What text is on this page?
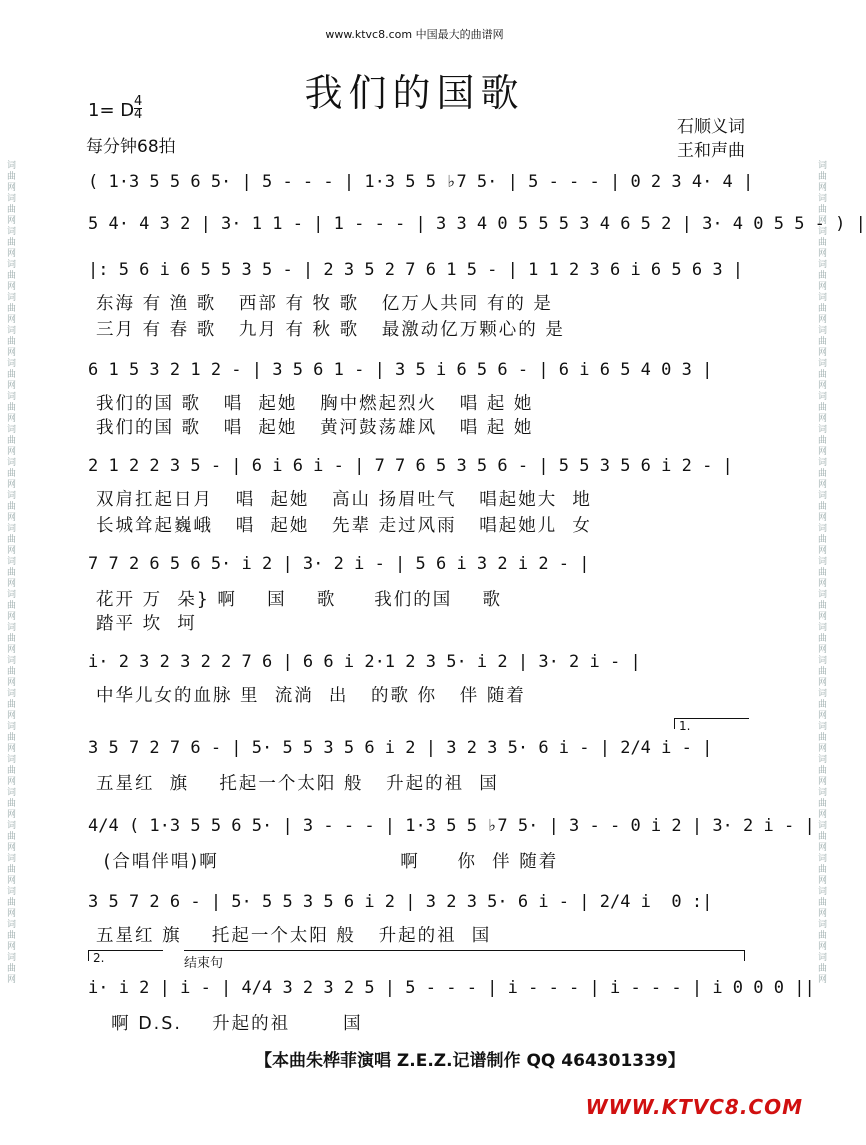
词曲网词曲网词曲网词曲网词曲网词曲网词曲网词曲网词曲网词曲网词曲网词曲网词曲网词曲网词曲网词曲网词曲网词曲网词曲网词曲网词曲网词曲网词曲网词曲网词曲网	词曲网词曲网词曲网词曲网词曲网词曲网词曲网词曲网词曲网词曲网词曲网词曲网词曲网词曲网词曲网词曲网词曲网词曲网词曲网词曲网词曲网词曲网词曲网词曲网词曲网
www.ktvc8.com 中国最大的曲谱网
我们的国歌
1= D $\frac{4}{4}$
每分钟68拍
石顺义词
王和声曲
( 1·3 5 5 6 5· | 5 - - - | 1·3 5 5 ♭7 5· | 5 - - - | 0 2 3 4· 4 |
5 4· 4 3 2 | 3· 1 1 - | 1 - - - | 3 3 4 0 5 5 5 3 4 6 5 2 | 3· 4 0 5 5 - ) |
|: 5 6 i 6 5 5 3 5 - | 2 3 5 2 7 6 1 5 - | 1 1 2 3 6 i 6 5 6 3 |
东海 有 渔 歌   西部 有 牧 歌   亿万人共同 有的 是
三月 有 春 歌   九月 有 秋 歌   最激动亿万颗心的 是
6 1 5 3 2 1 2 - | 3 5 6 1 - | 3 5 i 6 5 6 - | 6 i 6 5 4 0 3 |
我们的国 歌   唱  起她   胸中燃起烈火   唱 起 她
我们的国 歌   唱  起她   黄河鼓荡雄风   唱 起 她
2 1 2 2 3 5 - | 6 i 6 i - | 7 7 6 5 3 5 6 - | 5 5 3 5 6 i 2 - |
双肩扛起日月   唱  起她   高山 扬眉吐气   唱起她大  地
长城耸起巍峨   唱  起她   先辈 走过风雨   唱起她儿  女
7 7 2 6 5 6 5· i 2 | 3· 2 i - | 5 6 i 3 2 i 2 - |
花开 万  朵} 啊    国    歌     我们的国    歌
踏平 坎  坷
i· 2 3 2 3 2 2 7 6 | 6 6 i 2·1 2 3 5· i 2 | 3· 2 i - |
中华儿女的血脉 里  流淌  出   的歌 你   伴 随着
1.
3 5 7 2 7 6 - | 5· 5 5 3 5 6 i 2 | 3 2 3 5· 6 i - | 2/4 i - |
五星红  旗    托起一个太阳 般   升起的祖  国
4/4 ( 1·3 5 5 6 5· | 3 - - - | 1·3 5 5 ♭7 5· | 3 - - 0 i 2 | 3· 2 i - |
(合唱伴唱)啊                        啊     你  伴 随着
3 5 7 2 6 - | 5· 5 5 3 5 6 i 2 | 3 2 3 5· 6 i - | 2/4 i  0 :|
五星红 旗    托起一个太阳 般   升起的祖  国
2.	结束句
i· i 2 | i - | 4/4 3 2 3 2 5 | 5 - - - | i - - - | i - - - | i 0 0 0 ||
啊 D.S.    升起的祖       国
【本曲朱桦菲演唱 Z.E.Z.记谱制作 QQ 464301339】
WWW.KTVC8.COM
